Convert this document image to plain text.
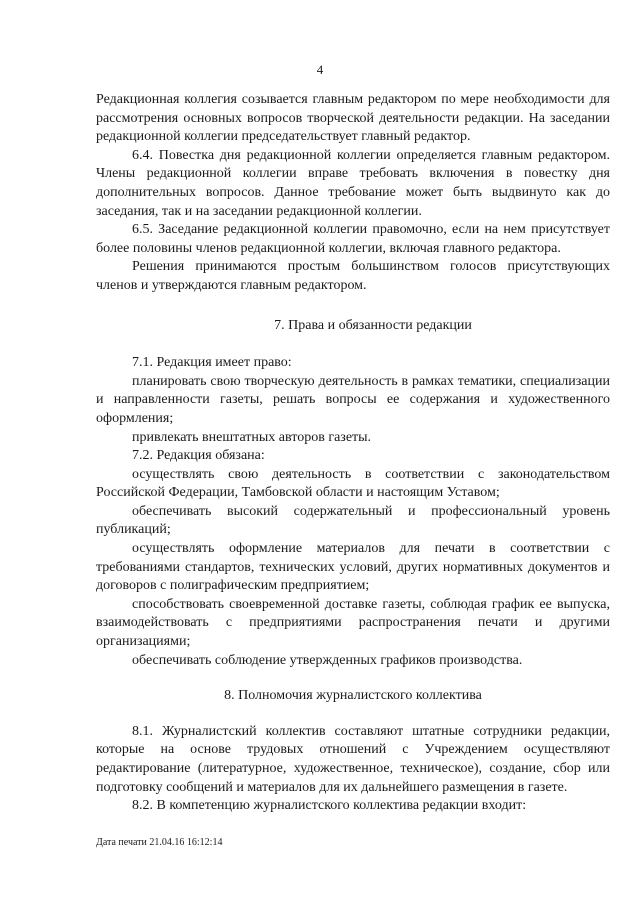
4

Редакционная коллегия созывается главным редактором по мере необходимости для рассмотрения основных вопросов творческой деятельности редакции. На заседании редакционной коллегии председательствует главный редактор.

6.4. Повестка дня редакционной коллегии определяется главным редактором. Члены редакционной коллегии вправе требовать включения в повестку дня дополнительных вопросов. Данное требование может быть выдвинуто как до заседания, так и на заседании редакционной коллегии.

6.5. Заседание редакционной коллегии правомочно, если на нем присутствует более половины членов редакционной коллегии, включая главного редактора.

Решения принимаются простым большинством голосов присутствующих членов и утверждаются главным редактором.

7. Права и обязанности редакции

7.1. Редакция имеет право:

планировать свою творческую деятельность в рамках тематики, специализации и направленности газеты, решать вопросы ее содержания и художественного оформления;

привлекать внештатных авторов газеты.

7.2. Редакция обязана:

осуществлять свою деятельность в соответствии с законодательством Российской Федерации, Тамбовской области и настоящим Уставом;

обеспечивать высокий содержательный и профессиональный уровень публикаций;

осуществлять оформление материалов для печати в соответствии с требованиями стандартов, технических условий, других нормативных документов и договоров с полиграфическим предприятием;

способствовать своевременной доставке газеты, соблюдая график ее выпуска, взаимодействовать с предприятиями распространения печати и другими организациями;

обеспечивать соблюдение утвержденных графиков производства.

8. Полномочия журналистского коллектива

8.1. Журналистский коллектив составляют штатные сотрудники редакции, которые на основе трудовых отношений с Учреждением осуществляют редактирование (литературное, художественное, техническое), создание, сбор или подготовку сообщений и материалов для их дальнейшего размещения в газете.

8.2. В компетенцию журналистского коллектива редакции входит:

Дата печати 21.04.16 16:12:14
